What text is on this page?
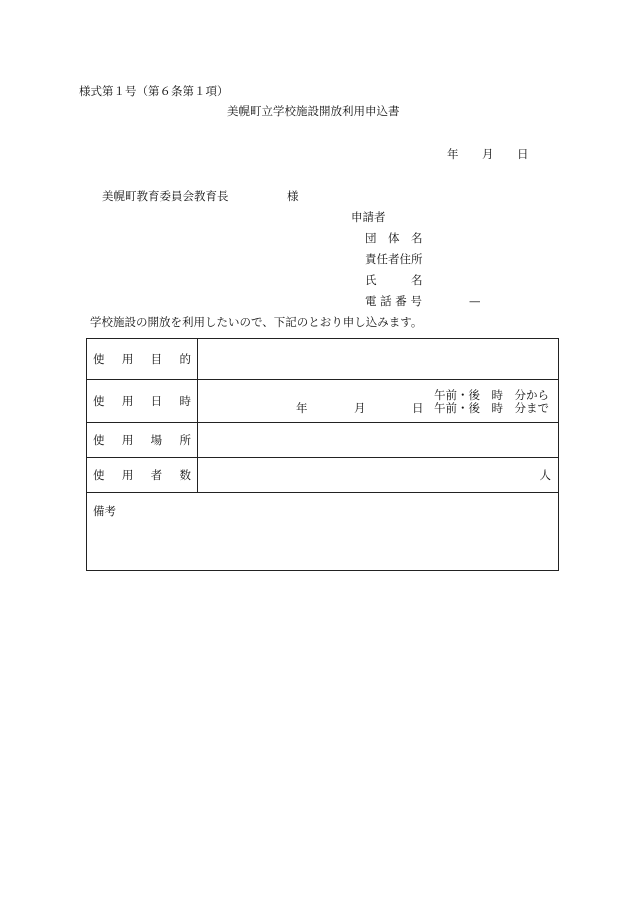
様式第１号（第６条第１項）
美幌町立学校施設開放利用申込書
年 月 日
美幌町教育委員会教育長	様
申請者
団　体　名
責任者住所
氏　　　名
電 話 番 号	—
学校施設の開放を利用したいので、下記のとおり申し込みます。
使 用 目 的	

使 用 日 時	年 月 日
午前・後　時　分から
午前・後　時　分まで

使 用 場 所	

使 用 者 数	人
備考	
